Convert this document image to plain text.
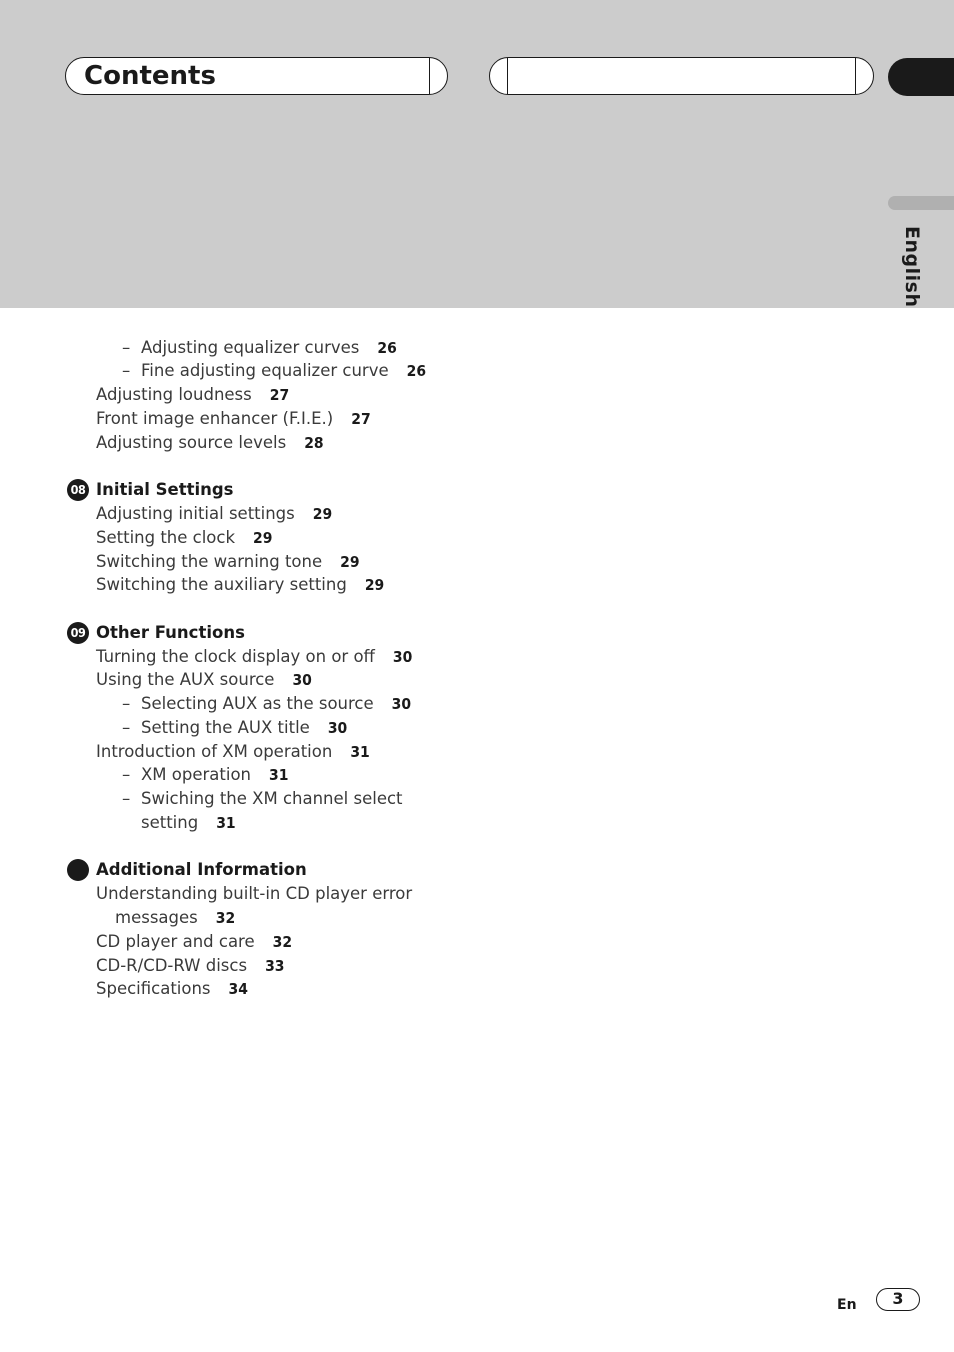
Contents
English
– Adjusting equalizer curves 26
– Fine adjusting equalizer curve 26
Adjusting loudness 27
Front image enhancer (F.I.E.) 27
Adjusting source levels 28
08 Initial Settings
Adjusting initial settings 29
Setting the clock 29
Switching the warning tone 29
Switching the auxiliary setting 29
09 Other Functions
Turning the clock display on or off 30
Using the AUX source 30
– Selecting AUX as the source 30
– Setting the AUX title 30
Introduction of XM operation 31
– XM operation 31
– Swiching the XM channel select
setting 31
Additional Information
Understanding built-in CD player error
messages 32
CD player and care 32
CD-R/CD-RW discs 33
Specifications 34
En	3
